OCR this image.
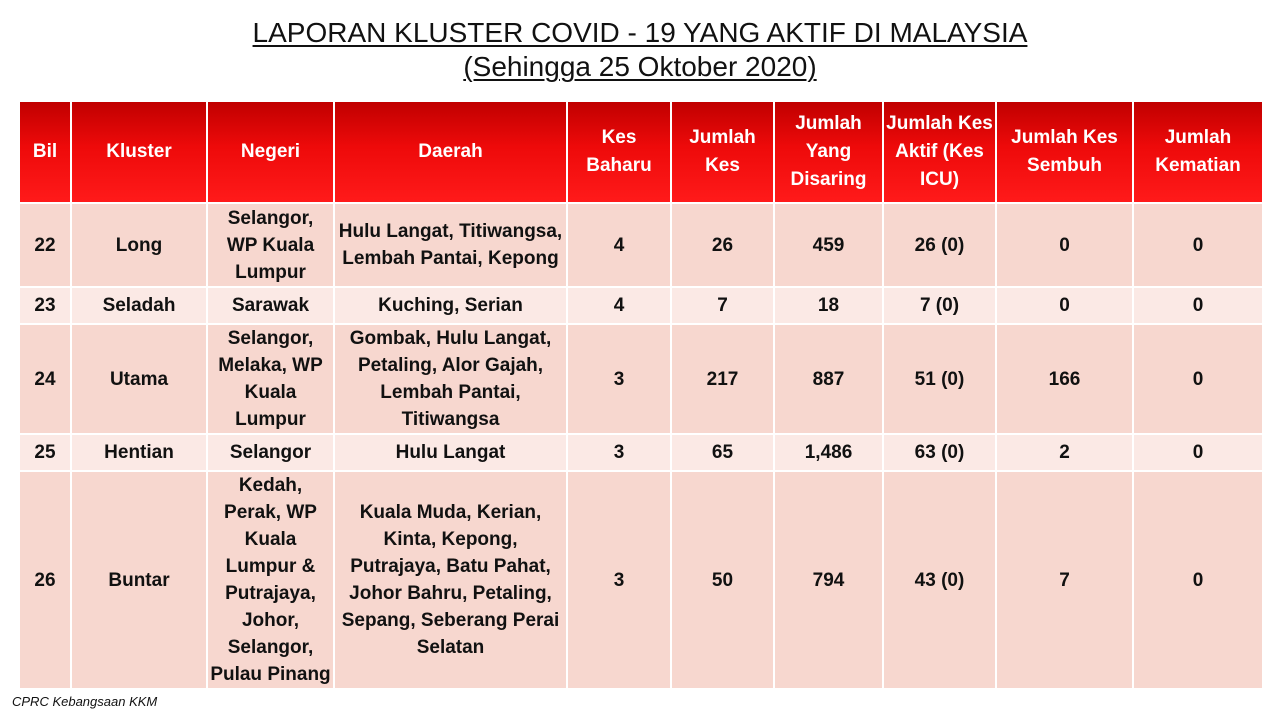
LAPORAN KLUSTER COVID - 19 YANG AKTIF DI MALAYSIA
(Sehingga 25 Oktober 2020)
Bil	Kluster	Negeri	Daerah	Kes Baharu	Jumlah Kes	Jumlah Yang Disaring	Jumlah Kes Aktif (Kes ICU)	Jumlah Kes Sembuh	Jumlah Kematian
22	Long	Selangor, WP Kuala Lumpur	Hulu Langat, Titiwangsa, Lembah Pantai, Kepong	4	26	459	26 (0)	0	0
23	Seladah	Sarawak	Kuching, Serian	4	7	18	7 (0)	0	0
24	Utama	Selangor, Melaka, WP Kuala Lumpur	Gombak, Hulu Langat, Petaling, Alor Gajah, Lembah Pantai, Titiwangsa	3	217	887	51 (0)	166	0
25	Hentian	Selangor	Hulu Langat	3	65	1,486	63 (0)	2	0
26	Buntar	Kedah, Perak, WP Kuala Lumpur & Putrajaya, Johor, Selangor, Pulau Pinang	Kuala Muda, Kerian, Kinta, Kepong, Putrajaya, Batu Pahat, Johor Bahru, Petaling, Sepang, Seberang Perai Selatan	3	50	794	43 (0)	7	0
CPRC Kebangsaan KKM
